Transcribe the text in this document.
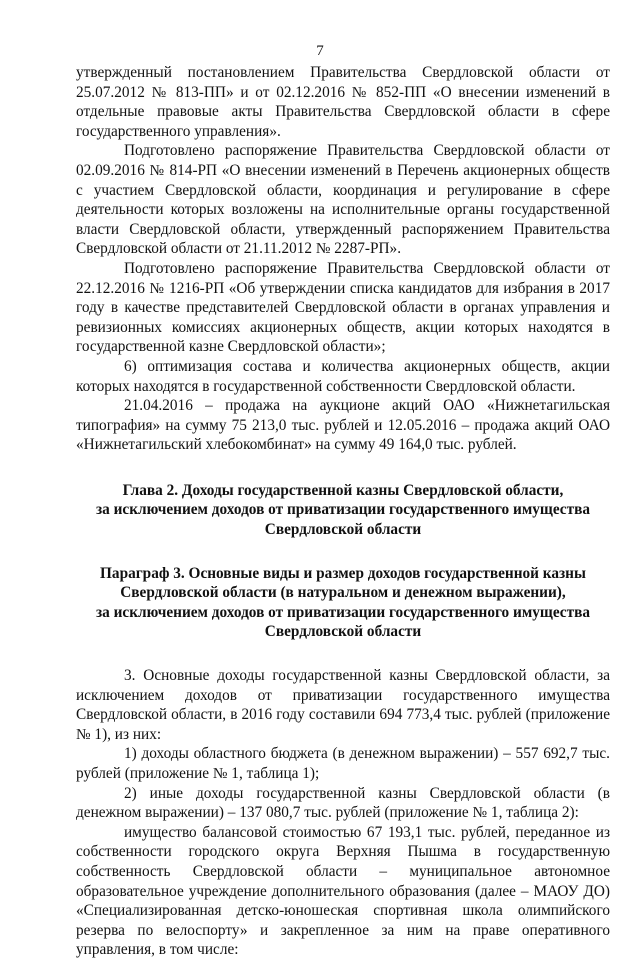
7

утвержденный постановлением Правительства Свердловской области от 25.07.2012 № 813-ПП» и от 02.12.2016 № 852-ПП «О внесении изменений в отдельные правовые акты Правительства Свердловской области в сфере государственного управления».

Подготовлено распоряжение Правительства Свердловской области от 02.09.2016 № 814-РП «О внесении изменений в Перечень акционерных обществ с участием Свердловской области, координация и регулирование в сфере деятельности которых возложены на исполнительные органы государственной власти Свердловской области, утвержденный распоряжением Правительства Свердловской области от 21.11.2012 № 2287-РП».

Подготовлено распоряжение Правительства Свердловской области от 22.12.2016 № 1216-РП «Об утверждении списка кандидатов для избрания в 2017 году в качестве представителей Свердловской области в органах управления и ревизионных комиссиях акционерных обществ, акции которых находятся в государственной казне Свердловской области»;

6) оптимизация состава и количества акционерных обществ, акции которых находятся в государственной собственности Свердловской области.

21.04.2016 – продажа на аукционе акций ОАО «Нижнетагильская типография» на сумму 75 213,0 тыс. рублей и 12.05.2016 – продажа акций ОАО «Нижнетагильский хлебокомбинат» на сумму 49 164,0 тыс. рублей.

Глава 2. Доходы государственной казны Свердловской области,

за исключением доходов от приватизации государственного имущества

Свердловской области

Параграф 3. Основные виды и размер доходов государственной казны

Свердловской области (в натуральном и денежном выражении),

за исключением доходов от приватизации государственного имущества

Свердловской области

3. Основные доходы государственной казны Свердловской области, за исключением доходов от приватизации государственного имущества Свердловской области, в 2016 году составили 694 773,4 тыс. рублей (приложение № 1), из них:

1) доходы областного бюджета (в денежном выражении) – 557 692,7 тыс. рублей (приложение № 1, таблица 1);

2) иные доходы государственной казны Свердловской области (в денежном выражении) – 137 080,7 тыс. рублей (приложение № 1, таблица 2):

имущество балансовой стоимостью 67 193,1 тыс. рублей, переданное из собственности городского округа Верхняя Пышма в государственную собственность Свердловской области – муниципальное автономное образовательное учреждение дополнительного образования (далее – МАОУ ДО) «Специализированная детско-юношеская спортивная школа олимпийского резерва по велоспорту» и закрепленное за ним на праве оперативного управления, в том числе:
